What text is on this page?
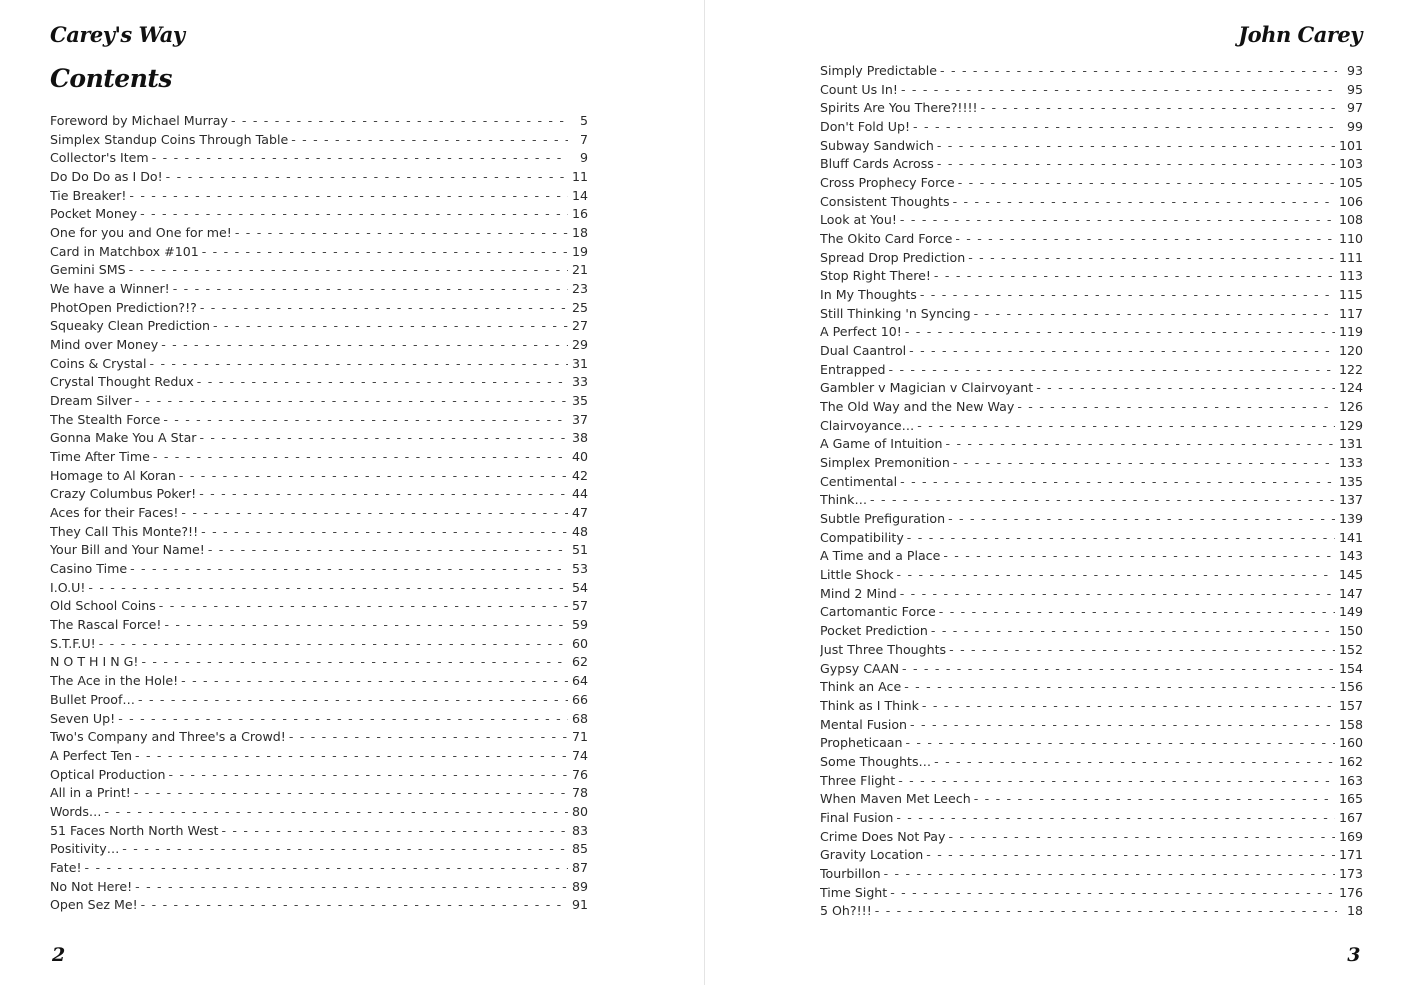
Carey's Way
Contents
Foreword by Michael Murray - - -	5
Simplex Standup Coins Through Table - - -	7
Collector's Item - - -	9
Do Do Do as I Do! - - -	11
Tie Breaker! - - -	14
Pocket Money - - -	16
One for you and One for me! - - -	18
Card in Matchbox #101 - - -	19
Gemini SMS - - -	21
We have a Winner! - - -	23
PhotOpen Prediction?!? - - -	25
Squeaky Clean Prediction - - -	27
Mind over Money - - -	29
Coins & Crystal - - -	31
Crystal Thought Redux - - -	33
Dream Silver - - -	35
The Stealth Force - - -	37
Gonna Make You A Star - - -	38
Time After Time - - -	40
Homage to Al Koran - - -	42
Crazy Columbus Poker! - - -	44
Aces for their Faces! - - -	47
They Call This Monte?!! - - -	48
Your Bill and Your Name! - - -	51
Casino Time - - -	53
I.O.U! - - -	54
Old School Coins - - -	57
The Rascal Force! - - -	59
S.T.F.U! - - -	60
N O T H I N G! - - -	62
The Ace in the Hole! - - -	64
Bullet Proof… - - -	66
Seven Up! - - -	68
Two's Company and Three's a Crowd! - - -	71
A Perfect Ten - - -	74
Optical Production - - -	76
All in a Print! - - -	78
Words… - - -	80
51 Faces North North West - - -	83
Positivity… - - -	85
Fate! - - -	87
No Not Here! - - -	89
Open Sez Me! - - -	91
2
John Carey
Simply Predictable - - -	93
Count Us In! - - -	95
Spirits Are You There?!!!! - - -	97
Don't Fold Up! - - -	99
Subway Sandwich - - -	101
Bluff Cards Across - - -	103
Cross Prophecy Force - - -	105
Consistent Thoughts - - -	106
Look at You! - - -	108
The Okito Card Force - - -	110
Spread Drop Prediction - - -	111
Stop Right There! - - -	113
In My Thoughts - - -	115
Still Thinking 'n Syncing - - -	117
A Perfect 10! - - -	119
Dual Caantrol - - -	120
Entrapped - - -	122
Gambler v Magician v Clairvoyant - - -	124
The Old Way and the New Way - - -	126
Clairvoyance… - - -	129
A Game of Intuition - - -	131
Simplex Premonition - - -	133
Centimental - - -	135
Think… - - -	137
Subtle Prefiguration - - -	139
Compatibility - - -	141
A Time and a Place - - -	143
Little Shock - - -	145
Mind 2 Mind - - -	147
Cartomantic Force - - -	149
Pocket Prediction - - -	150
Just Three Thoughts - - -	152
Gypsy CAAN - - -	154
Think an Ace - - -	156
Think as I Think - - -	157
Mental Fusion - - -	158
Propheticaan - - -	160
Some Thoughts… - - -	162
Three Flight - - -	163
When Maven Met Leech - - -	165
Final Fusion - - -	167
Crime Does Not Pay - - -	169
Gravity Location - - -	171
Tourbillon - - -	173
Time Sight - - -	176
5 Oh?!!! - - -	18
3
